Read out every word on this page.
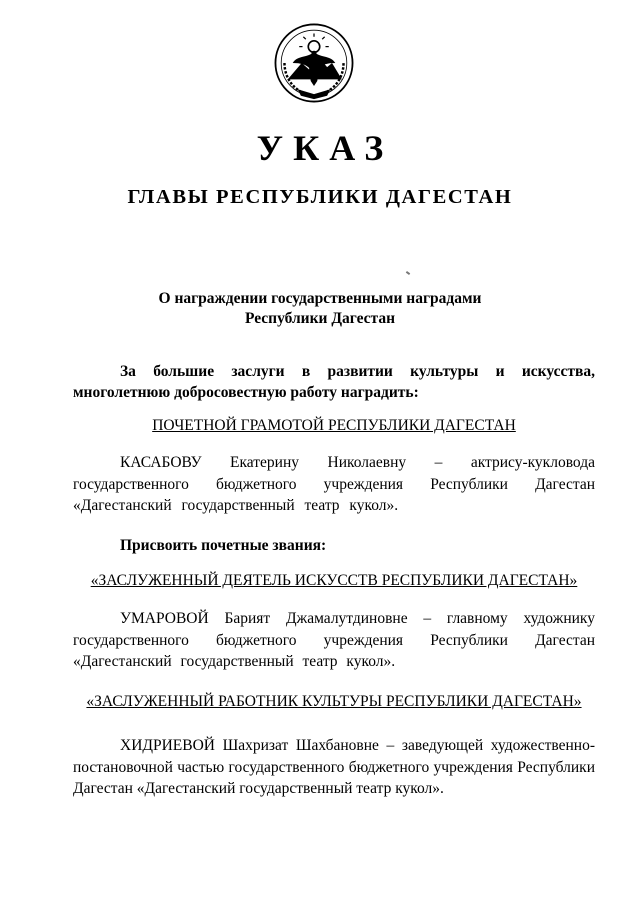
УКАЗ
ГЛАВЫ РЕСПУБЛИКИ ДАГЕСТАН
О награждении государственными наградами
Республики Дагестан
За большие заслуги в развитии культуры и искусства, многолетнюю добросовестную работу наградить:
ПОЧЕТНОЙ ГРАМОТОЙ РЕСПУБЛИКИ ДАГЕСТАН
КАСАБОВУ Екатерину Николаевну – актрису-кукловода государственного бюджетного учреждения Республики Дагестан «Дагестанский государственный театр кукол».
Присвоить почетные звания:
«ЗАСЛУЖЕННЫЙ ДЕЯТЕЛЬ ИСКУССТВ РЕСПУБЛИКИ ДАГЕСТАН»
УМАРОВОЙ Барият Джамалутдиновне – главному художнику государственного бюджетного учреждения Республики Дагестан «Дагестанский государственный театр кукол».
«ЗАСЛУЖЕННЫЙ РАБОТНИК КУЛЬТУРЫ РЕСПУБЛИКИ ДАГЕСТАН»
ХИДРИЕВОЙ Шахризат Шахбановне – заведующей художественно-постановочной частью государственного бюджетного учреждения Республики Дагестан «Дагестанский государственный театр кукол».
